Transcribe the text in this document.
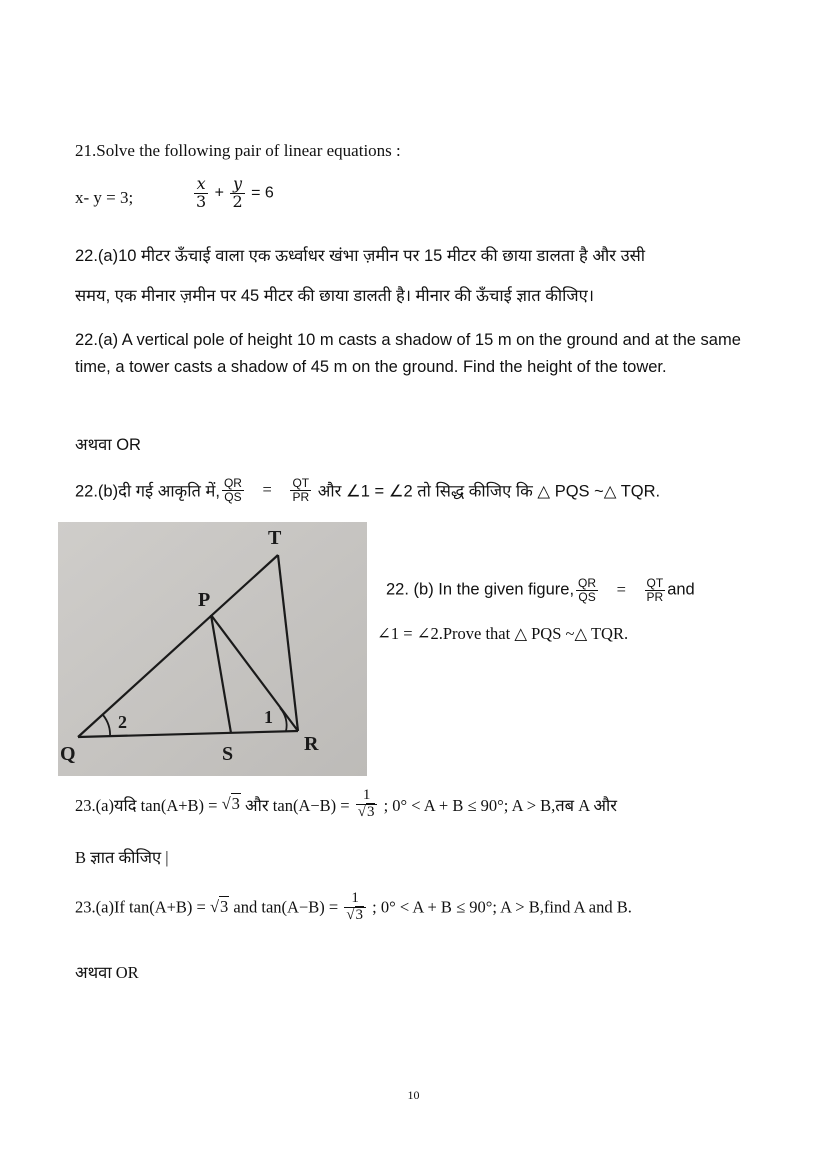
21.Solve the following pair of linear equations :
x- y = 3;	$\frac{x}{3} + \frac{y}{2} = 6$
22.(a)10 मीटर ऊँचाई वाला एक ऊर्ध्वाधर खंभा ज़मीन पर 15 मीटर की छाया डालता है और उसी
समय, एक मीनार ज़मीन पर 45 मीटर की छाया डालती है। मीनार की ऊँचाई ज्ञात कीजिए।
22.(a) A vertical pole of height 10 m casts a shadow of 15 m on the ground and at the same time, a tower casts a shadow of 45 m on the ground. Find the height of the tower.
अथवा OR
22.(b)दी गई आकृति में, $\frac{QR}{QS} = \frac{QT}{PR}$ और ∠1 = ∠2 तो सिद्ध कीजिए कि △ PQS ~△ TQR.
T
P
Q	S	R
1
2
22. (b) In the given figure, $\frac{QR}{QS} = \frac{QT}{PR}$ and
∠1 = ∠2.Prove that △ PQS ~△ TQR.
23.(a)यदि tan(A+B) = √3 और $\tan(A-B) = \frac{1}{√3}$ ; 0° < A + B ≤ 90°; A > B,तब A और
B ज्ञात कीजिए |
23.(a)If tan(A+B) = √3 and $\tan(A-B) = \frac{1}{√3}$ ; 0° < A + B ≤ 90°; A > B,find A and B.
अथवा OR
10
